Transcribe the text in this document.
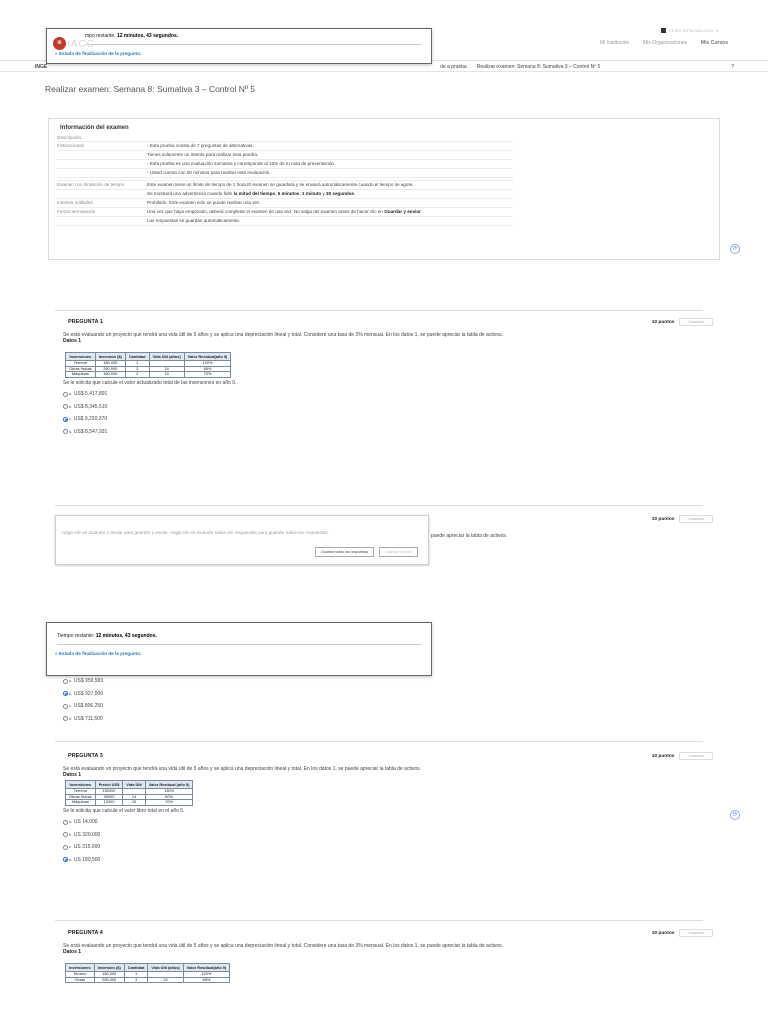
KRISS TAPIA GALLEGA ▾
Mi Institución	Mis Organizaciones	Mis Cursos
INGE	de a prueba Realizar examen: Semana 8: Sumativa 3 – Control Nº 5	?
Realizar examen: Semana 8: Sumativa 3 – Control Nº 5
Información del examen
Descripción
Instrucciones	- Esta prueba consta de 7 preguntas de alternativas,
Tienes solamente un intento para realizar esta prueba.
- Esta prueba es una evaluación sumativa y corresponde al 10% de tu nota de presentación.
- Usted cuenta con 60 minutos para realizar esta evaluación.
Examen con limitación de tiempo	Este examen tiene un límite de tiempo de 1 hora.El examen se guardará y se enviará automáticamente cuando el tiempo se agote.
Se mostrará una advertencia cuando falte la mitad del tiempo, 5 minutos, 1 minuto y 30 segundos.
Intentos múltiples	Prohibido. Este examen solo se puede realizar una vez.
Forzar terminación	Una vez que haya empezado, deberá completar el examen de una vez. No salga del examen antes de hacer clic en Guardar y enviar.
Las respuestas se guardan automáticamente.
⟳
PREGUNTA 1	10 puntos	Guardado
Se está evaluando un proyecto que tendrá una vida útil de 5 años y se aplica una depreciación lineal y total. Considere una tasa de 3% mensual. En los datos 1, se puede apreciar la tabla de activos.
Datos 1
Inversiones	Inversión ($)	Cantidad	Vida Útil (años)	Valor Residual(año 5)
Terreno	180,000	1		120%
Obras físicas	250,000	3	24	65%
Máquinas	160,000	2	15	70%
Se le solicita que calcule el valor actualizado total de las inversiones en año 0.
a. US$ 5,417,891
b. US$ 8,345,510
c. US$ 9,220,370
d. US$ 8,547,931
10 puntos	Guardado
puede apreciar la tabla de activos.
Haga clic en Guardar y enviar para guardar y enviar. Haga clic en Guardar todas las respuestas para guardar todas las respuestas.
Guardar todas las respuestas	Guardar y enviar
iii IACC
mpo restante: 12 minutos, 43 segundos.
» Estado de finalización de la pregunta:
Tiempo restante: 12 minutos, 43 segundos.
» Estado de finalización de la pregunta:
a. US$ 959,583
b. US$ 927,500
c. US$ 806,250
d. US$ 711,500
PREGUNTA 3	10 puntos	Guardado
Se está evaluando un proyecto que tendrá una vida útil de 5 años y se aplica una depreciación lineal y total. En los datos 1, se puede apreciar la tabla de activos.
Datos 1
Inversiones	Precio US$	Vida Útil	Valor Residual (año 5)
Terreno	150000		130%
Obras físicas	35000	14	60%
Máquinas	12000	15	70%
Se le solicita que calcule el valor libro total en el año 5.
a. US 14.000
b. US 320.000
c. US 315.000
d. US 180,500
⟳
PREGUNTA 4	10 puntos	Guardado
Se está evaluando un proyecto que tendrá una vida útil de 5 años y se aplica una depreciación lineal y total. Considere una tasa de 3% mensual. En los datos 1, se puede apreciar la tabla de activos.
Datos 1
Inversiones	Inversión ($)	Cantidad	Vida Útil (años)	Valor Residual(año 5)
Terreno	180,000	1		120%
Obras	250,000	3	24	65%
